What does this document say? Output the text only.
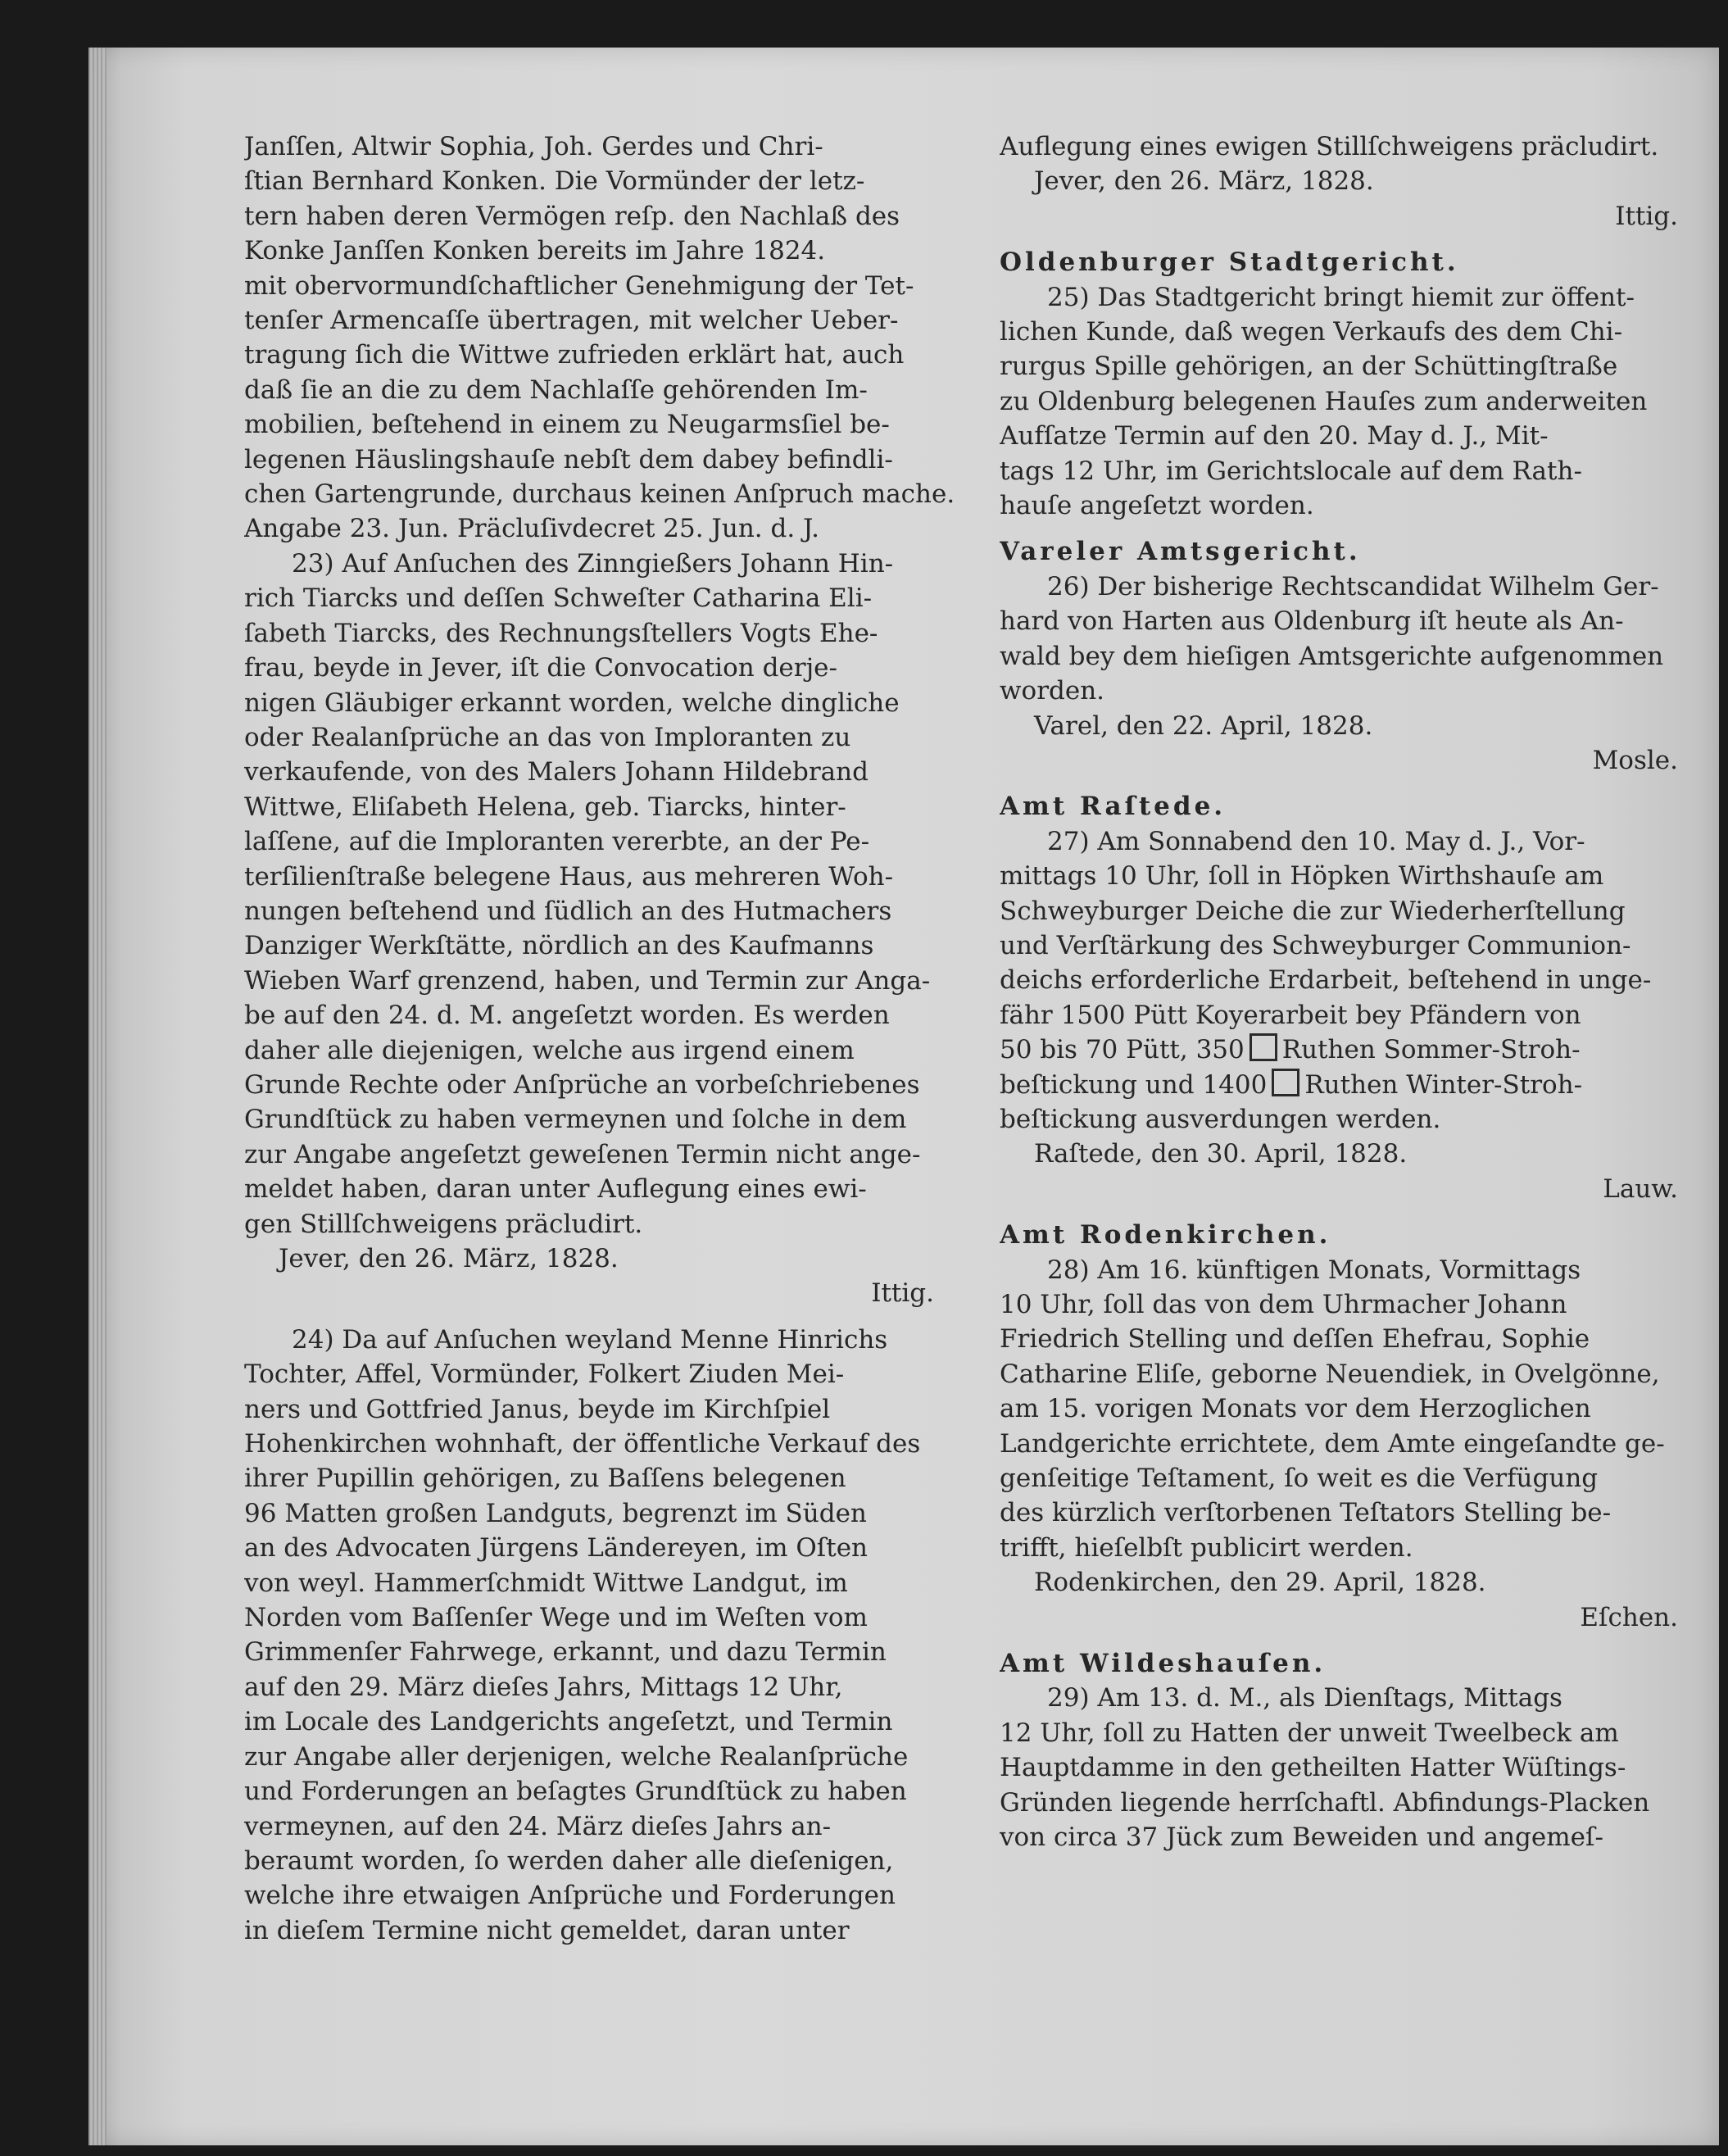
Janſſen, Altwir Sophia, Joh. Gerdes und Chri-
ſtian Bernhard Konken. Die Vormünder der letz-
tern haben deren Vermögen reſp. den Nachlaß des
Konke Janſſen Konken bereits im Jahre 1824.
mit obervormundſchaftlicher Genehmigung der Tet-
tenſer Armencaſſe übertragen, mit welcher Ueber-
tragung ſich die Wittwe zufrieden erklärt hat, auch
daß ſie an die zu dem Nachlaſſe gehörenden Im-
mobilien, beſtehend in einem zu Neugarmsſiel be-
legenen Häuslingshauſe nebſt dem dabey befindli-
chen Gartengrunde, durchaus keinen Anſpruch mache.
Angabe 23. Jun. Präcluſivdecret 25. Jun. d. J.
23) Auf Anſuchen des Zinngießers Johann Hin-
rich Tiarcks und deſſen Schweſter Catharina Eli-
ſabeth Tiarcks, des Rechnungsſtellers Vogts Ehe-
frau, beyde in Jever, iſt die Convocation derje-
nigen Gläubiger erkannt worden, welche dingliche
oder Realanſprüche an das von Imploranten zu
verkaufende, von des Malers Johann Hildebrand
Wittwe, Eliſabeth Helena, geb. Tiarcks, hinter-
laſſene, auf die Imploranten vererbte, an der Pe-
terſilienſtraße belegene Haus, aus mehreren Woh-
nungen beſtehend und ſüdlich an des Hutmachers
Danziger Werkſtätte, nördlich an des Kaufmanns
Wieben Warf grenzend, haben, und Termin zur Anga-
be auf den 24. d. M. angeſetzt worden. Es werden
daher alle diejenigen, welche aus irgend einem
Grunde Rechte oder Anſprüche an vorbeſchriebenes
Grundſtück zu haben vermeynen und ſolche in dem
zur Angabe angeſetzt geweſenen Termin nicht ange-
meldet haben, daran unter Auflegung eines ewi-
gen Stillſchweigens präcludirt.
Jever, den 26. März, 1828.
Ittig.
24) Da auf Anſuchen weyland Menne Hinrichs
Tochter, Affel, Vormünder, Folkert Ziuden Mei-
ners und Gottfried Janus, beyde im Kirchſpiel
Hohenkirchen wohnhaft, der öffentliche Verkauf des
ihrer Pupillin gehörigen, zu Baſſens belegenen
96 Matten großen Landguts, begrenzt im Süden
an des Advocaten Jürgens Ländereyen, im Oſten
von weyl. Hammerſchmidt Wittwe Landgut, im
Norden vom Baſſenſer Wege und im Weſten vom
Grimmenſer Fahrwege, erkannt, und dazu Termin
auf den 29. März dieſes Jahrs, Mittags 12 Uhr,
im Locale des Landgerichts angeſetzt, und Termin
zur Angabe aller derjenigen, welche Realanſprüche
und Forderungen an beſagtes Grundſtück zu haben
vermeynen, auf den 24. März dieſes Jahrs an-
beraumt worden, ſo werden daher alle dieſenigen,
welche ihre etwaigen Anſprüche und Forderungen
in dieſem Termine nicht gemeldet, daran unter
Auflegung eines ewigen Stillſchweigens präcludirt.
Jever, den 26. März, 1828.
Ittig.
Oldenburger Stadtgericht.
25) Das Stadtgericht bringt hiemit zur öffent-
lichen Kunde, daß wegen Verkaufs des dem Chi-
rurgus Spille gehörigen, an der Schüttingſtraße
zu Oldenburg belegenen Hauſes zum anderweiten
Aufſatze Termin auf den 20. May d. J., Mit-
tags 12 Uhr, im Gerichtslocale auf dem Rath-
hauſe angeſetzt worden.
Vareler Amtsgericht.
26) Der bisherige Rechtscandidat Wilhelm Ger-
hard von Harten aus Oldenburg iſt heute als An-
wald bey dem hieſigen Amtsgerichte aufgenommen
worden.
Varel, den 22. April, 1828.
Mosle.
Amt Raſtede.
27) Am Sonnabend den 10. May d. J., Vor-
mittags 10 Uhr, ſoll in Höpken Wirthshauſe am
Schweyburger Deiche die zur Wiederherſtellung
und Verſtärkung des Schweyburger Communion-
deichs erforderliche Erdarbeit, beſtehend in unge-
fähr 1500 Pütt Koyerarbeit bey Pfändern von
50 bis 70 Pütt, 350 Ruthen Sommer-Stroh-
beſtickung und 1400 Ruthen Winter-Stroh-
beſtickung ausverdungen werden.
Raſtede, den 30. April, 1828.
Lauw.
Amt Rodenkirchen.
28) Am 16. künftigen Monats, Vormittags
10 Uhr, ſoll das von dem Uhrmacher Johann
Friedrich Stelling und deſſen Ehefrau, Sophie
Catharine Eliſe, geborne Neuendiek, in Ovelgönne,
am 15. vorigen Monats vor dem Herzoglichen
Landgerichte errichtete, dem Amte eingeſandte ge-
genſeitige Teſtament, ſo weit es die Verfügung
des kürzlich verſtorbenen Teſtators Stelling be-
trifft, hieſelbſt publicirt werden.
Rodenkirchen, den 29. April, 1828.
Eſchen.
Amt Wildeshauſen.
29) Am 13. d. M., als Dienſtags, Mittags
12 Uhr, ſoll zu Hatten der unweit Tweelbeck am
Hauptdamme in den getheilten Hatter Wüſtings-
Gründen liegende herrſchaftl. Abfindungs-Placken
von circa 37 Jück zum Beweiden und angemeſ-
